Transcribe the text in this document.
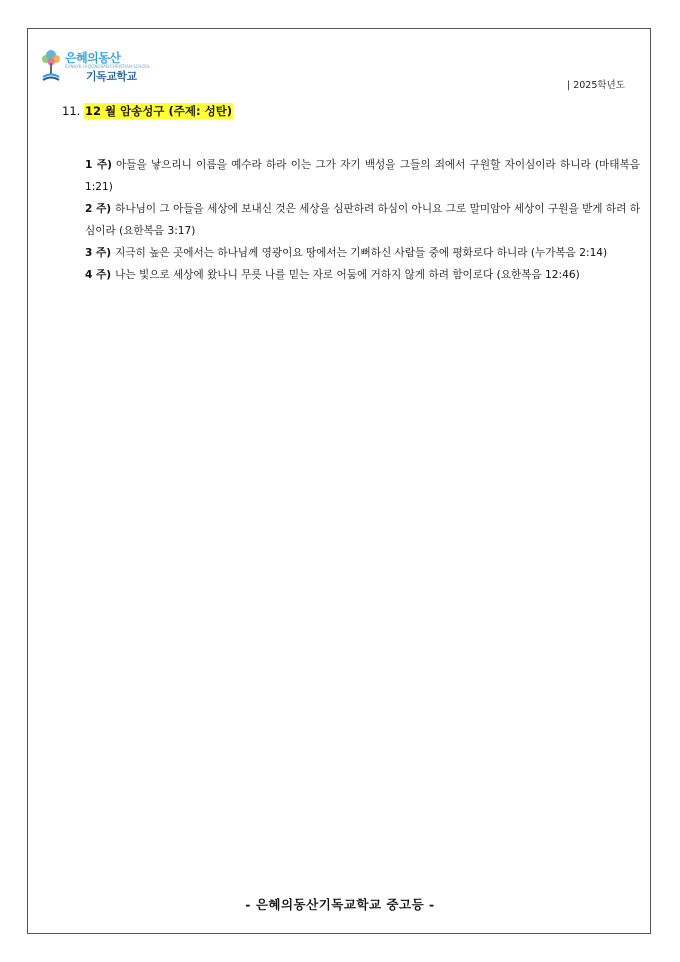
은혜의동산
EUNHYE-UI DONGSAN CHRISTIAN SCHOOL
기독교학교
| 2025학년도
11. 12 월 암송성구 (주제: 성탄)

1 주) 아들을 낳으리니 이름을 예수라 하라 이는 그가 자기 백성을 그들의 죄에서 구원할 자이심이라 하니라 (마태복음 1:21)

2 주) 하나님이 그 아들을 세상에 보내신 것은 세상을 심판하려 하심이 아니요 그로 말미암아 세상이 구원을 받게 하려 하심이라 (요한복음 3:17)

3 주) 지극히 높은 곳에서는 하나님께 영광이요 땅에서는 기뻐하신 사람들 중에 평화로다 하니라 (누가복음 2:14)

4 주) 나는 빛으로 세상에 왔나니 무릇 나를 믿는 자로 어둠에 거하지 않게 하려 함이로다 (요한복음 12:46)

- 은혜의동산기독교학교 중고등 -
